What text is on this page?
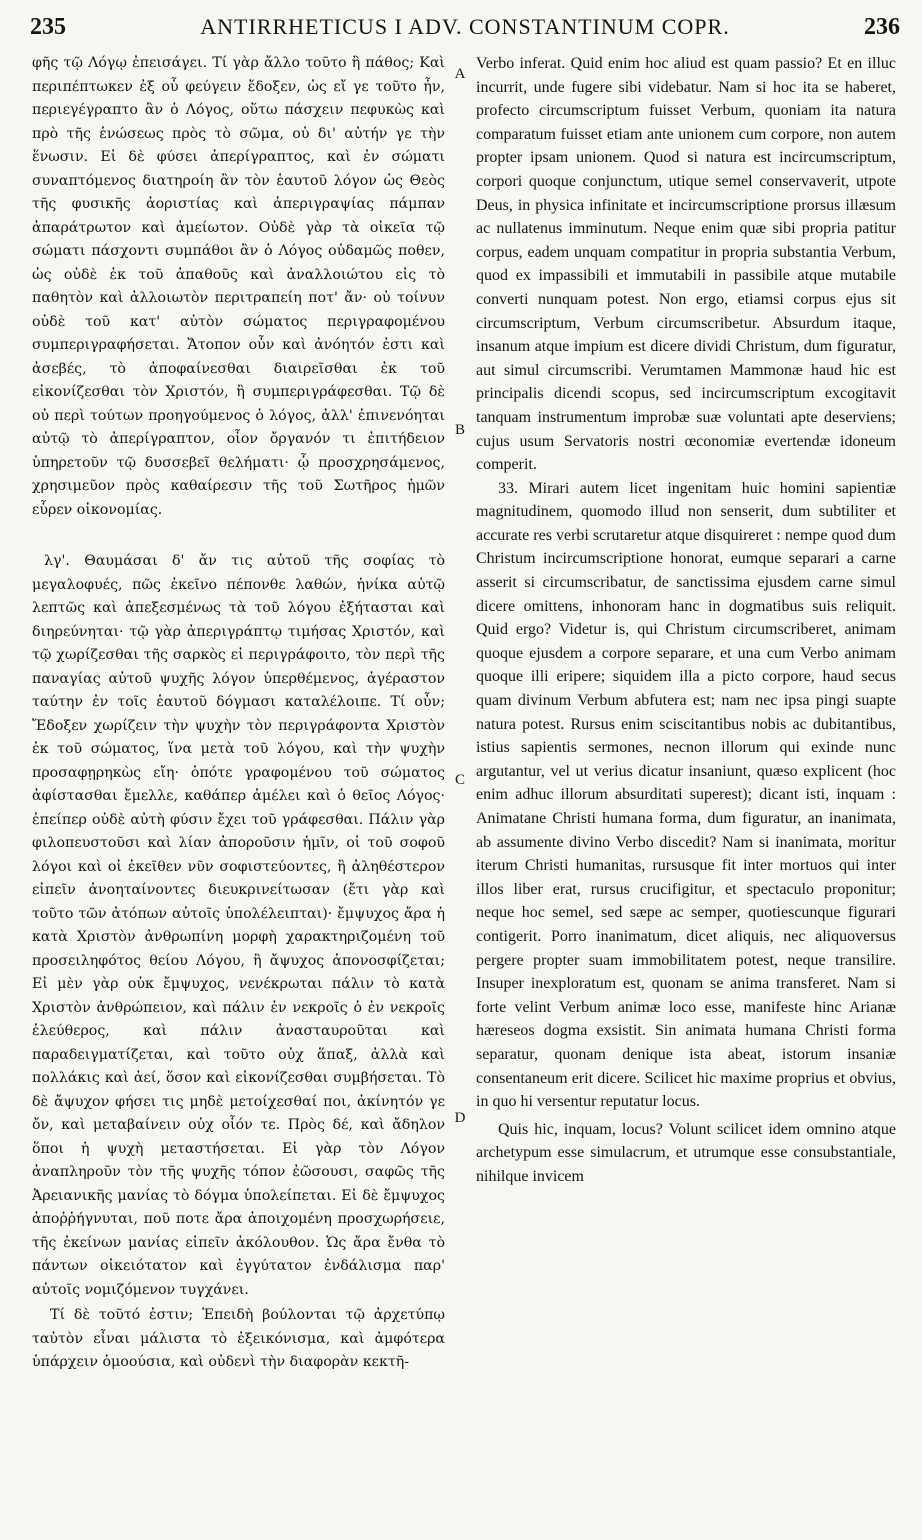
235	ANTIRRHETICUS I ADV. CONSTANTINUM COPR.	236

φῆς τῷ Λόγῳ ἐπεισάγει. Τί γὰρ ἄλλο τοῦτο ἢ πάθος; Καὶ περιπέπτωκεν ἐξ οὗ φεύγειν ἔδοξεν, ὡς εἴ γε τοῦτο ἦν, περιεγέγραπτο ἂν ὁ Λόγος, οὕτω πάσχειν πεφυκὼς καὶ πρὸ τῆς ἑνώσεως πρὸς τὸ σῶμα, οὐ δι' αὐτήν γε τὴν ἕνωσιν. Εἰ δὲ φύσει ἀπερίγραπτος, καὶ ἐν σώματι συναπτόμενος διατηροίη ἂν τὸν ἑαυτοῦ λόγον ὡς Θεὸς τῆς φυσικῆς ἀοριστίας καὶ ἀπεριγραψίας πάμπαν ἀπαράτρωτον καὶ ἀμείωτον. Οὐδὲ γὰρ τὰ οἰκεῖα τῷ σώματι πάσχοντι συμπάθοι ἂν ὁ Λόγος οὐδαμῶς ποθεν, ὡς οὐδὲ ἐκ τοῦ ἀπαθοῦς καὶ ἀναλλοιώτου εἰς τὸ παθητὸν καὶ ἀλλοιωτὸν περιτραπείη ποτ' ἄν· οὐ τοίνυν οὐδὲ τοῦ κατ' αὐτὸν σώματος περιγραφομένου συμπεριγραφήσεται. Ἄτοπον οὖν καὶ ἀνόητόν ἐστι καὶ ἀσεβές, τὸ ἀποφαίνεσθαι διαιρεῖσθαι ἐκ τοῦ εἰκονίζεσθαι τὸν Χριστόν, ἢ συμπεριγράφεσθαι. Τῷ δὲ οὐ περὶ τούτων προηγούμενος ὁ λόγος, ἀλλ' ἐπινενόηται αὐτῷ τὸ ἀπερίγραπτον, οἷον ὄργανόν τι ἐπιτήδειον ὑπηρετοῦν τῷ δυσσεβεῖ θελήματι· ᾧ προσχρησάμενος, χρησιμεῦον πρὸς καθαίρεσιν τῆς τοῦ Σωτῆρος ἡμῶν εὗρεν οἰκονομίας.

λγ'. Θαυμάσαι δ' ἄν τις αὐτοῦ τῆς σοφίας τὸ μεγαλοφυές, πῶς ἐκεῖνο πέπονθε λαθών, ἡνίκα αὐτῷ λεπτῶς καὶ ἀπεξεσμένως τὰ τοῦ λόγου ἐξήτασται καὶ διηρεύνηται· τῷ γὰρ ἀπεριγράπτῳ τιμήσας Χριστόν, καὶ τῷ χωρίζεσθαι τῆς σαρκὸς εἰ περιγράφοιτο, τὸν περὶ τῆς παναγίας αὐτοῦ ψυχῆς λόγον ὑπερθέμενος, ἀγέραστον ταύτην ἐν τοῖς ἑαυτοῦ δόγμασι καταλέλοιπε. Τί οὖν; Ἔδοξεν χωρίζειν τὴν ψυχὴν τὸν περιγράφοντα Χριστὸν ἐκ τοῦ σώματος, ἵνα μετὰ τοῦ λόγου, καὶ τὴν ψυχὴν προσαφῃρηκὼς εἴη· ὁπότε γραφομένου τοῦ σώματος ἀφίστασθαι ἔμελλε, καθάπερ ἀμέλει καὶ ὁ θεῖος Λόγος· ἐπείπερ οὐδὲ αὐτὴ φύσιν ἔχει τοῦ γράφεσθαι. Πάλιν γὰρ φιλοπευστοῦσι καὶ λίαν ἀποροῦσιν ἡμῖν, οἱ τοῦ σοφοῦ λόγοι καὶ οἱ ἐκεῖθεν νῦν σοφιστεύοντες, ἢ ἀληθέστερον εἰπεῖν ἀνοηταίνοντες διευκρινείτωσαν (ἔτι γὰρ καὶ τοῦτο τῶν ἀτόπων αὐτοῖς ὑπολέλειπται)· ἔμψυχος ἄρα ἡ κατὰ Χριστὸν ἀνθρωπίνη μορφὴ χαρακτηριζομένη τοῦ προσειληφότος θείου Λόγου, ἢ ἄψυχος ἀπονοσφίζεται; Εἰ μὲν γὰρ οὐκ ἔμψυχος, νενέκρωται πάλιν τὸ κατὰ Χριστὸν ἀνθρώπειον, καὶ πάλιν ἐν νεκροῖς ὁ ἐν νεκροῖς ἐλεύθερος, καὶ πάλιν ἀνασταυροῦται καὶ παραδειγματίζεται, καὶ τοῦτο οὐχ ἅπαξ, ἀλλὰ καὶ πολλάκις καὶ ἀεί, ὅσον καὶ εἰκονίζεσθαι συμβήσεται. Τὸ δὲ ἄψυχον φήσει τις μηδὲ μετοίχεσθαί ποι, ἀκίνητόν γε ὄν, καὶ μεταβαίνειν οὐχ οἷόν τε. Πρὸς δέ, καὶ ἄδηλον ὅποι ἡ ψυχὴ μεταστήσεται. Εἰ γὰρ τὸν Λόγον ἀναπληροῦν τὸν τῆς ψυχῆς τόπον ἐῶσουσι, σαφῶς τῆς Ἀρειανικῆς μανίας τὸ δόγμα ὑπολείπεται. Εἰ δὲ ἔμψυχος ἀποῤῥήγνυται, ποῦ ποτε ἄρα ἀποιχομένη προσχωρήσειε, τῆς ἐκείνων μανίας εἰπεῖν ἀκόλουθον. Ὡς ἄρα ἔνθα τὸ πάντων οἰκειότατον καὶ ἐγγύτατον ἐνδάλισμα παρ' αὐτοῖς νομιζόμενον τυγχάνει.

Τί δὲ τοῦτό ἐστιν; Ἐπειδὴ βούλονται τῷ ἀρχετύπῳ ταὐτὸν εἶναι μάλιστα τὸ ἐξεικόνισμα, καὶ ἀμφότερα ὑπάρχειν ὁμοούσια, καὶ οὐδενὶ τὴν διαφορὰν κεκτῆ-

A
B
C
D

Verbo inferat. Quid enim hoc aliud est quam passio? Et en illuc incurrit, unde fugere sibi videbatur. Nam si hoc ita se haberet, profecto circumscriptum fuisset Verbum, quoniam ita natura comparatum fuisset etiam ante unionem cum corpore, non autem propter ipsam unionem. Quod si natura est incircumscriptum, corpori quoque conjunctum, utique semel conservaverit, utpote Deus, in physica infinitate et incircumscriptione prorsus illæsum ac nullatenus imminutum. Neque enim quæ sibi propria patitur corpus, eadem unquam compatitur in propria substantia Verbum, quod ex impassibili et immutabili in passibile atque mutabile converti nunquam potest. Non ergo, etiamsi corpus ejus sit circumscriptum, Verbum circumscribetur. Absurdum itaque, insanum atque impium est dicere dividi Christum, dum figuratur, aut simul circumscribi. Verumtamen Mammonæ haud hic est principalis dicendi scopus, sed incircumscriptum excogitavit tanquam instrumentum improbæ suæ voluntati apte deserviens; cujus usum Servatoris nostri œconomiæ evertendæ idoneum comperit.

33. Mirari autem licet ingenitam huic homini sapientiæ magnitudinem, quomodo illud non senserit, dum subtiliter et accurate res verbi scrutaretur atque disquireret : nempe quod dum Christum incircumscriptione honorat, eumque separari a carne asserit si circumscribatur, de sanctissima ejusdem carne simul dicere omittens, inhonoram hanc in dogmatibus suis reliquit. Quid ergo? Videtur is, qui Christum circumscriberet, animam quoque ejusdem a corpore separare, et una cum Verbo animam quoque illi eripere; siquidem illa a picto corpore, haud secus quam divinum Verbum abfutera est; nam nec ipsa pingi suapte natura potest. Rursus enim sciscitantibus nobis ac dubitantibus, istius sapientis sermones, necnon illorum qui exinde nunc argutantur, vel ut verius dicatur insaniunt, quæso explicent (hoc enim adhuc illorum absurditati superest); dicant isti, inquam : Animatane Christi humana forma, dum figuratur, an inanimata, ab assumente divino Verbo discedit? Nam si inanimata, moritur iterum Christi humanitas, rursusque fit inter mortuos qui inter illos liber erat, rursus crucifigitur, et spectaculo proponitur; neque hoc semel, sed sæpe ac semper, quotiescunque figurari contigerit. Porro inanimatum, dicet aliquis, nec aliquoversus pergere propter suam immobilitatem potest, neque transilire. Insuper inexploratum est, quonam se anima transferet. Nam si forte velint Verbum animæ loco esse, manifeste hinc Arianæ hæreseos dogma exsistit. Sin animata humana Christi forma separatur, quonam denique ista abeat, istorum insaniæ consentaneum erit dicere. Scilicet hic maxime proprius et obvius, in quo hi versentur reputatur locus.

Quis hic, inquam, locus? Volunt scilicet idem omnino atque archetypum esse simulacrum, et utrumque esse consubstantiale, nihilque invicem
